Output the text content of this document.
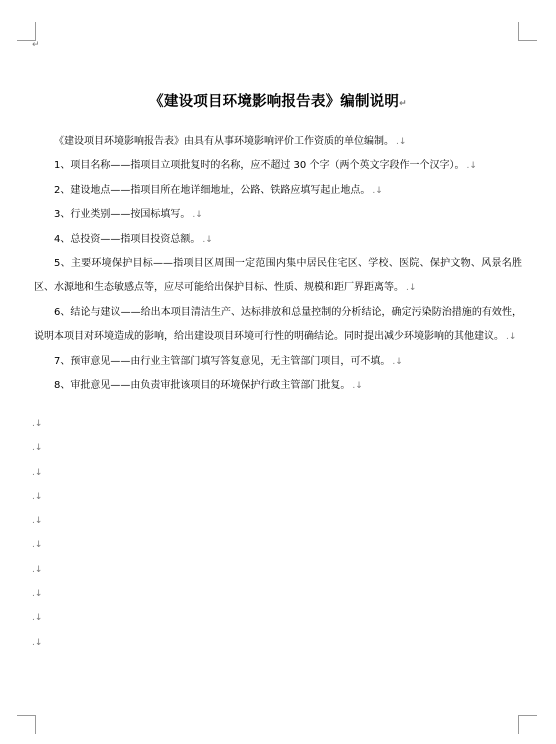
↵
《建设项目环境影响报告表》编制说明↵

《建设项目环境影响报告表》由具有从事环境影响评价工作资质的单位编制。 .↓

1、项目名称——指项目立项批复时的名称，应不超过 30 个字（两个英文字段作一个汉字）。 .↓

2、建设地点——指项目所在地详细地址，公路、铁路应填写起止地点。 .↓

3、行业类别——按国标填写。 .↓

4、总投资——指项目投资总额。 .↓

5、主要环境保护目标——指项目区周围一定范围内集中居民住宅区、学校、医院、保护文物、风景名胜区、水源地和生态敏感点等，应尽可能给出保护目标、性质、规模和距厂界距离等。 .↓

6、结论与建议——给出本项目清洁生产、达标排放和总量控制的分析结论，确定污染防治措施的有效性，说明本项目对环境造成的影响，给出建设项目环境可行性的明确结论。同时提出减少环境影响的其他建议。 .↓

7、预审意见——由行业主管部门填写答复意见，无主管部门项目，可不填。 .↓

8、审批意见——由负责审批该项目的环境保护行政主管部门批复。 .↓

.↓
.↓
.↓
.↓
.↓
.↓
.↓
.↓
.↓
.↓
